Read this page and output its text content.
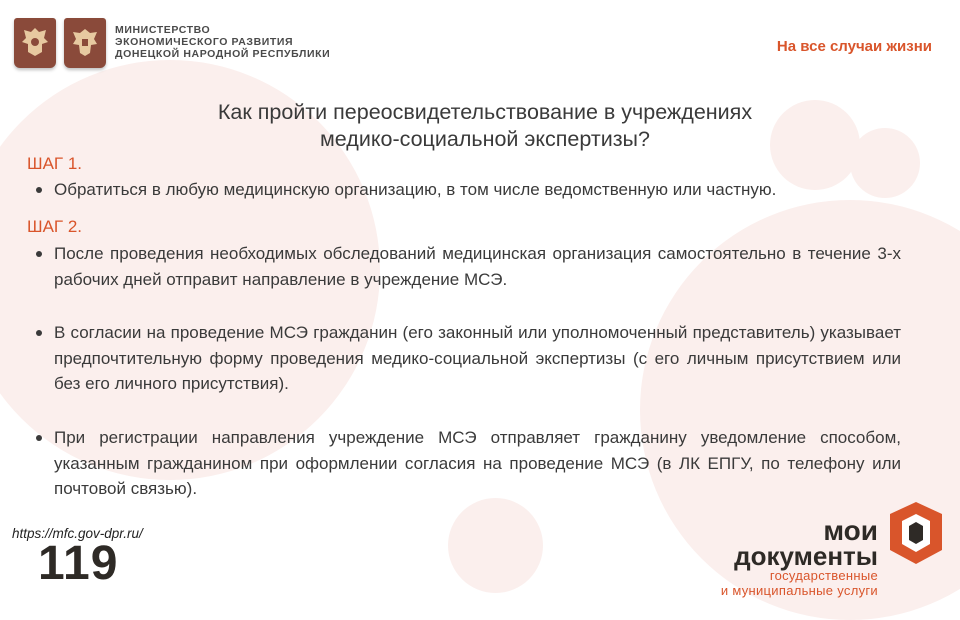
МИНИСТЕРСТВО
ЭКОНОМИЧЕСКОГО РАЗВИТИЯ
ДОНЕЦКОЙ НАРОДНОЙ РЕСПУБЛИКИ	На все случаи жизни
Как пройти переосвидетельствование в учреждениях
медико-социальной экспертизы?
ШАГ 1.
Обратиться в любую медицинскую организацию, в том числе ведомственную или частную.
ШАГ 2.
После проведения необходимых обследований медицинская организация самостоятельно в течение 3-х рабочих дней отправит направление в учреждение МСЭ.
В согласии на проведение МСЭ гражданин (его законный или уполномоченный представитель) указывает предпочтительную форму проведения медико-социальной экспертизы (с его личным присутствием или без его личного присутствия).
При регистрации направления учреждение МСЭ отправляет гражданину уведомление способом, указанным гражданином при оформлении согласия на проведение МСЭ (в ЛК ЕПГУ, по телефону или почтовой связью).
https://mfc.gov-dpr.ru/
119
мои
документы
государственные
и муниципальные услуги
